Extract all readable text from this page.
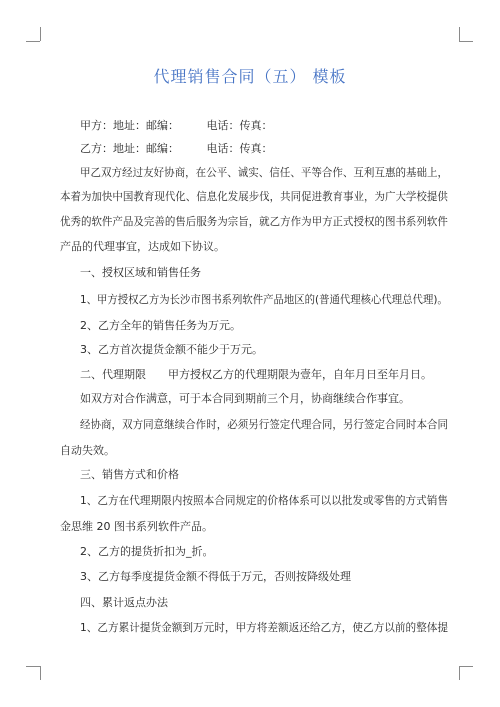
代理销售合同（五） 模板
甲方：地址：邮编：　　　电话：传真：
乙方：地址：邮编：　　　电话：传真：
甲乙双方经过友好协商，在公平、诚实、信任、平等合作、互利互惠的基础上，
本着为加快中国教育现代化、信息化发展步伐，共同促进教育事业，为广大学校提供
优秀的软件产品及完善的售后服务为宗旨，就乙方作为甲方正式授权的图书系列软件
产品的代理事宜，达成如下协议。
一、授权区域和销售任务
1、甲方授权乙方为长沙市图书系列软件产品地区的(普通代理核心代理总代理)。
2、乙方全年的销售任务为万元。
3、乙方首次提货金额不能少于万元。
二、代理期限　　甲方授权乙方的代理期限为壹年，自年月日至年月日。
如双方对合作满意，可于本合同到期前三个月，协商继续合作事宜。
经协商，双方同意继续合作时，必须另行签定代理合同，另行签定合同时本合同
自动失效。
三、销售方式和价格
1、乙方在代理期限内按照本合同规定的价格体系可以以批发或零售的方式销售
金思维 20 图书系列软件产品。
2、乙方的提货折扣为_折。
3、乙方每季度提货金额不得低于万元，否则按降级处理
四、累计返点办法
1、乙方累计提货金额到万元时，甲方将差额返还给乙方，使乙方以前的整体提
